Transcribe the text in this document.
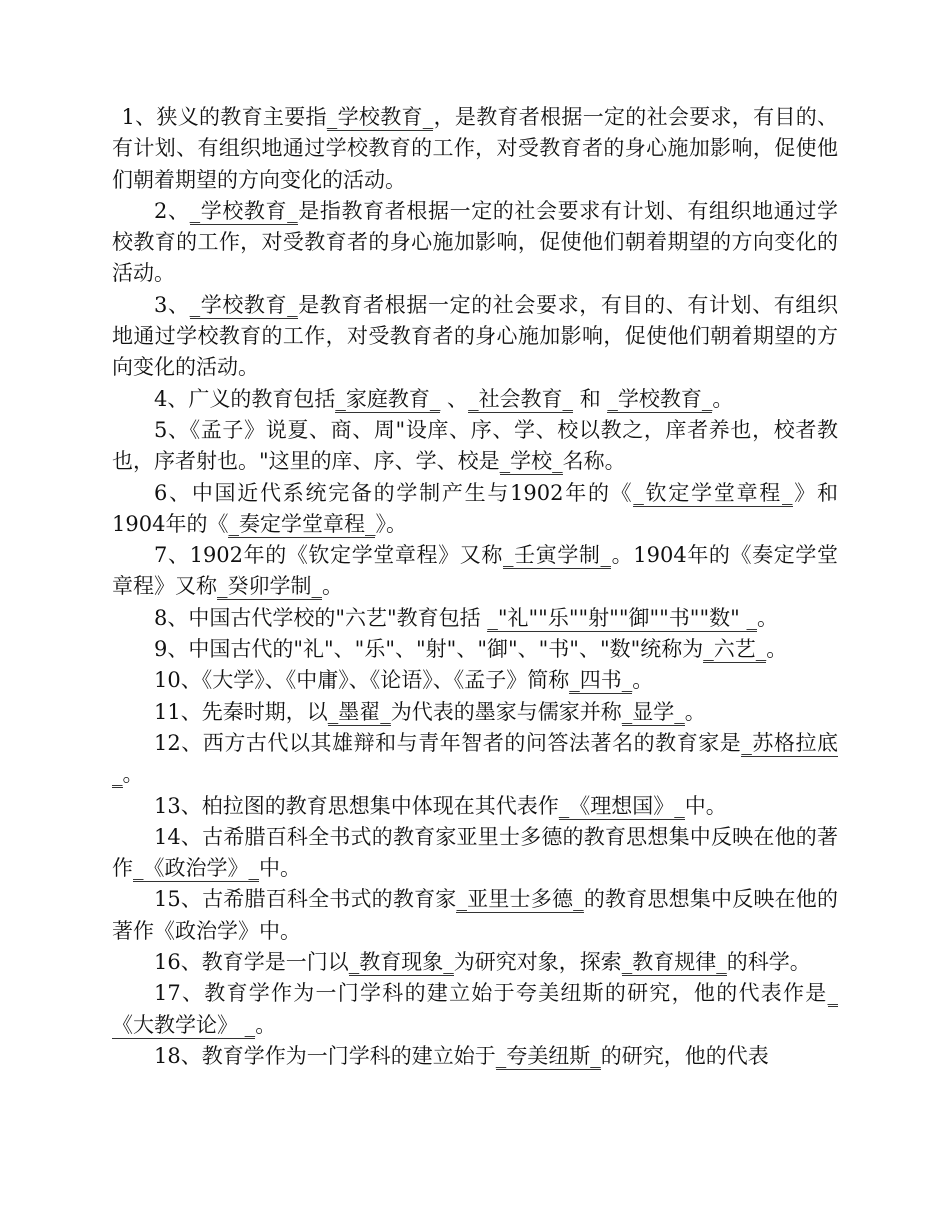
1、狭义的教育主要指_学校教育_，是教育者根据一定的社会要求，有目的、有计划、有组织地通过学校教育的工作，对受教育者的身心施加影响，促使他们朝着期望的方向变化的活动。

2、_学校教育_是指教育者根据一定的社会要求有计划、有组织地通过学校教育的工作，对受教育者的身心施加影响，促使他们朝着期望的方向变化的活动。

3、_学校教育_是教育者根据一定的社会要求，有目的、有计划、有组织地通过学校教育的工作，对受教育者的身心施加影响，促使他们朝着期望的方向变化的活动。

4、广义的教育包括_家庭教育_ 、_社会教育_ 和 _学校教育_。

5、《孟子》说夏、商、周"设庠、序、学、校以教之，庠者养也，校者教也，序者射也。"这里的庠、序、学、校是_学校_名称。

6、中国近代系统完备的学制产生与1902年的《_钦定学堂章程_》和1904年的《_奏定学堂章程_》。

7、1902年的《钦定学堂章程》又称_壬寅学制_。1904年的《奏定学堂章程》又称_癸卯学制_。

8、中国古代学校的"六艺"教育包括 _"礼""乐""射""御""书""数" _。

9、中国古代的"礼"、"乐"、"射"、"御"、"书"、"数"统称为_六艺_。

10、《大学》、《中庸》、《论语》、《孟子》简称_四书_。

11、先秦时期，以_墨翟_为代表的墨家与儒家并称_显学_。

12、西方古代以其雄辩和与青年智者的问答法著名的教育家是_苏格拉底_。

13、柏拉图的教育思想集中体现在其代表作_《理想国》_中。

14、古希腊百科全书式的教育家亚里士多德的教育思想集中反映在他的著作_《政治学》_中。

15、古希腊百科全书式的教育家_亚里士多德_的教育思想集中反映在他的著作《政治学》中。

16、教育学是一门以_教育现象_为研究对象，探索_教育规律_的科学。

17、教育学作为一门学科的建立始于夸美纽斯的研究，他的代表作是_《大教学论》 _。

18、教育学作为一门学科的建立始于_夸美纽斯_的研究，他的代表
